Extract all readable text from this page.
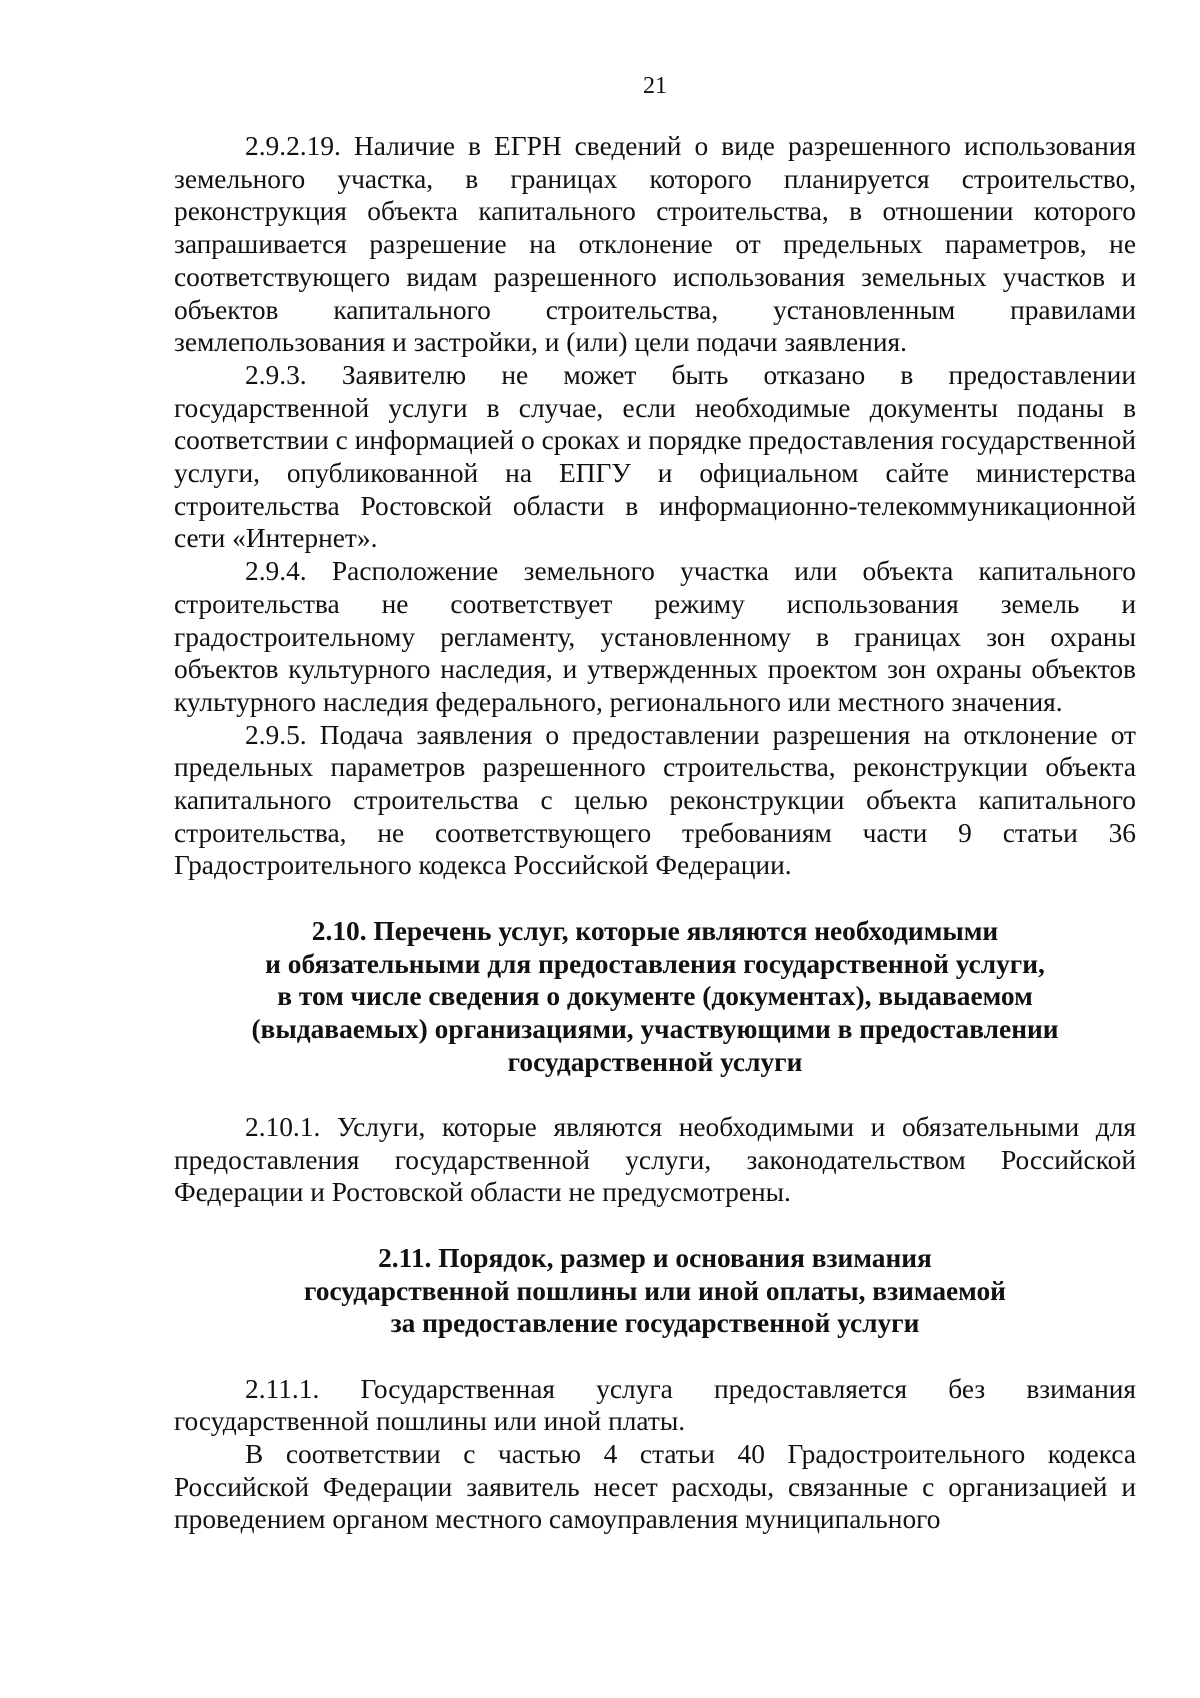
21

2.9.2.19. Наличие в ЕГРН сведений о виде разрешенного использования земельного участка, в границах которого планируется строительство, реконструкция объекта капитального строительства, в отношении которого запрашивается разрешение на отклонение от предельных параметров, не соответствующего видам разрешенного использования земельных участков и объектов капитального строительства, установленным правилами землепользования и застройки, и (или) цели подачи заявления.

2.9.3. Заявителю не может быть отказано в предоставлении государственной услуги в случае, если необходимые документы поданы в соответствии с информацией о сроках и порядке предоставления государственной услуги, опубликованной на ЕПГУ и официальном сайте министерства строительства Ростовской области в информационно-телекоммуникационной сети «Интернет».

2.9.4. Расположение земельного участка или объекта капитального строительства не соответствует режиму использования земель и градостроительному регламенту, установленному в границах зон охраны объектов культурного наследия, и утвержденных проектом зон охраны объектов культурного наследия федерального, регионального или местного значения.

2.9.5. Подача заявления о предоставлении разрешения на отклонение от предельных параметров разрешенного строительства, реконструкции объекта капитального строительства с целью реконструкции объекта капитального строительства, не соответствующего требованиям части 9 статьи 36 Градостроительного кодекса Российской Федерации.

2.10. Перечень услуг, которые являются необходимыми
и обязательными для предоставления государственной услуги,
в том числе сведения о документе (документах), выдаваемом
(выдаваемых) организациями, участвующими в предоставлении
государственной услуги

2.10.1. Услуги, которые являются необходимыми и обязательными для предоставления государственной услуги, законодательством Российской Федерации и Ростовской области не предусмотрены.

2.11. Порядок, размер и основания взимания
государственной пошлины или иной оплаты, взимаемой
за предоставление государственной услуги

2.11.1. Государственная услуга предоставляется без взимания государственной пошлины или иной платы.

В соответствии с частью 4 статьи 40 Градостроительного кодекса Российской Федерации заявитель несет расходы, связанные с организацией и проведением органом местного самоуправления муниципального
